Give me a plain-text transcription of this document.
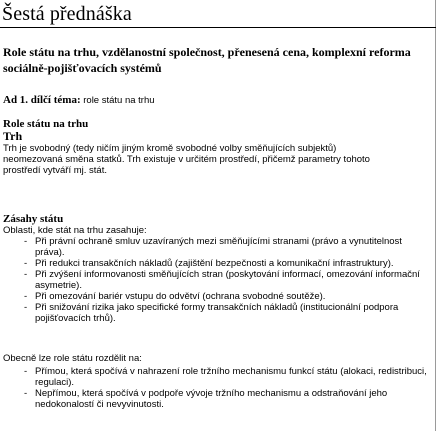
Šestá přednáška

Role státu na trhu, vzdělanostní společnost, přenesená cena, komplexní reforma sociálně-pojišťovacích systémů

Ad 1. dílčí téma: role státu na trhu

Role státu na trhu

Trh

Trh je svobodný (tedy ničím jiným kromě svobodné volby směňujících subjektů)

neomezovaná směna statků. Trh existuje v určitém prostředí, přičemž parametry tohoto

prostředí vytváří mj. stát.

Zásahy státu

Oblasti, kde stát na trhu zasahuje:

- Při právní ochraně smluv uzavíraných mezi směňujícími stranami (právo a vynutitelnost práva).
- Při redukci transakčních nákladů (zajištění bezpečnosti a komunikační infrastruktury).
- Při zvýšení informovanosti směňujících stran (poskytování informací, omezování informační asymetrie).
- Při omezování bariér vstupu do odvětví (ochrana svobodné soutěže).
- Při snižování rizika jako specifické formy transakčních nákladů (institucionální podpora pojišťovacích trhů).

Obecně lze role státu rozdělit na:

- Přímou, která spočívá v nahrazení role tržního mechanismu funkcí státu (alokaci, redistribuci, regulaci).
- Nepřímou, která spočívá v podpoře vývoje tržního mechanismu a odstraňování jeho nedokonalostí či nevyvinutosti.
